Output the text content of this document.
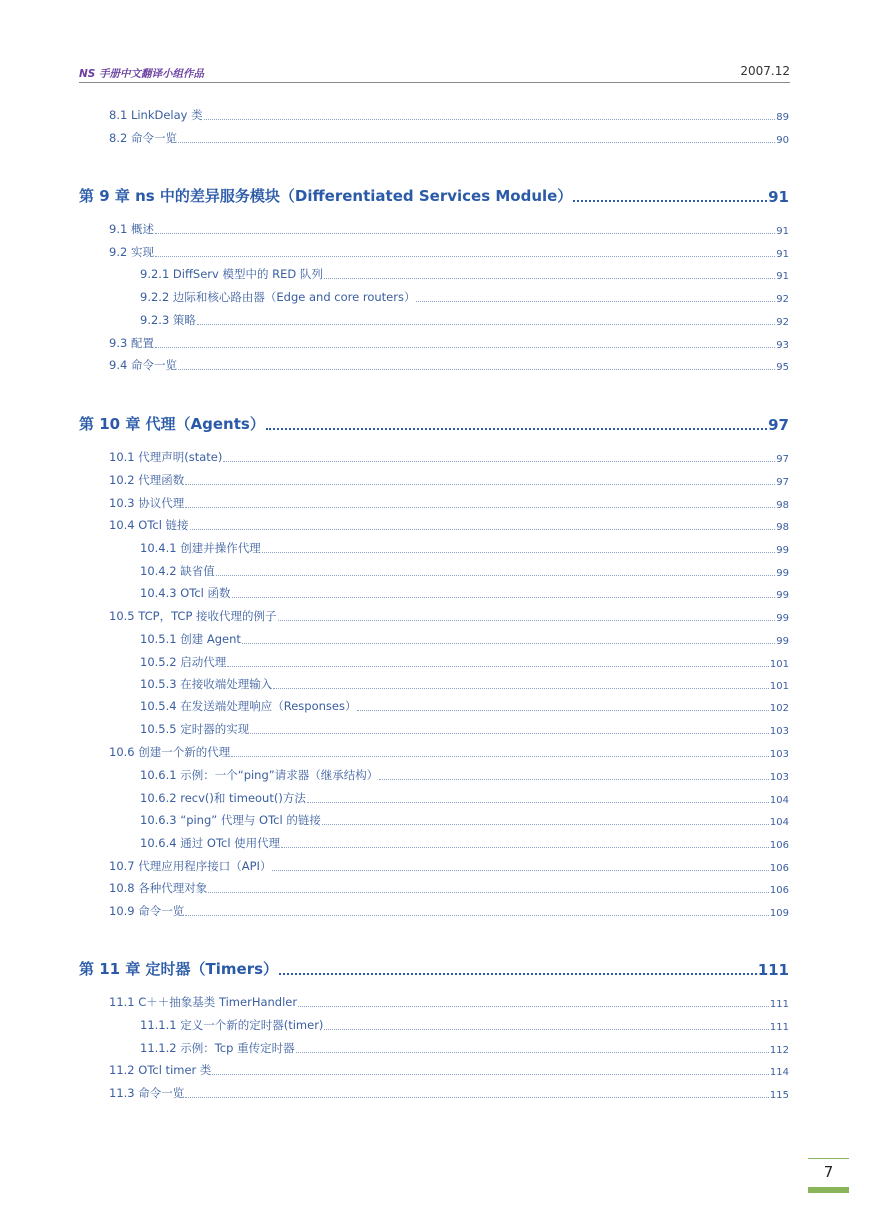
NS 手册中文翻译小组作品	2007.12
8.1 LinkDelay 类	89
8.2 命令一览	90
第 9 章 ns 中的差异服务模块（Differentiated Services Module）	91
9.1 概述	91
9.2 实现	91
9.2.1 DiffServ 模型中的 RED 队列	91
9.2.2 边际和核心路由器（Edge and core routers）	92
9.2.3 策略	92
9.3 配置	93
9.4 命令一览	95
第 10 章 代理（Agents）	97
10.1 代理声明(state)	97
10.2 代理函数	97
10.3 协议代理	98
10.4 OTcl 链接	98
10.4.1 创建并操作代理	99
10.4.2 缺省值	99
10.4.3 OTcl 函数	99
10.5 TCP，TCP 接收代理的例子	99
10.5.1 创建 Agent	99
10.5.2 启动代理	101
10.5.3 在接收端处理输入	101
10.5.4 在发送端处理响应（Responses）	102
10.5.5 定时器的实现	103
10.6 创建一个新的代理	103
10.6.1 示例：一个“ping”请求器（继承结构）	103
10.6.2 recv()和 timeout()方法	104
10.6.3 “ping” 代理与 OTcl 的链接	104
10.6.4 通过 OTcl 使用代理	106
10.7 代理应用程序接口（API）	106
10.8 各种代理对象	106
10.9 命令一览	109
第 11 章 定时器（Timers）	111
11.1 C＋＋抽象基类 TimerHandler	111
11.1.1 定义一个新的定时器(timer)	111
11.1.2 示例：Tcp 重传定时器	112
11.2 OTcl timer 类	114
11.3 命令一览	115
7
